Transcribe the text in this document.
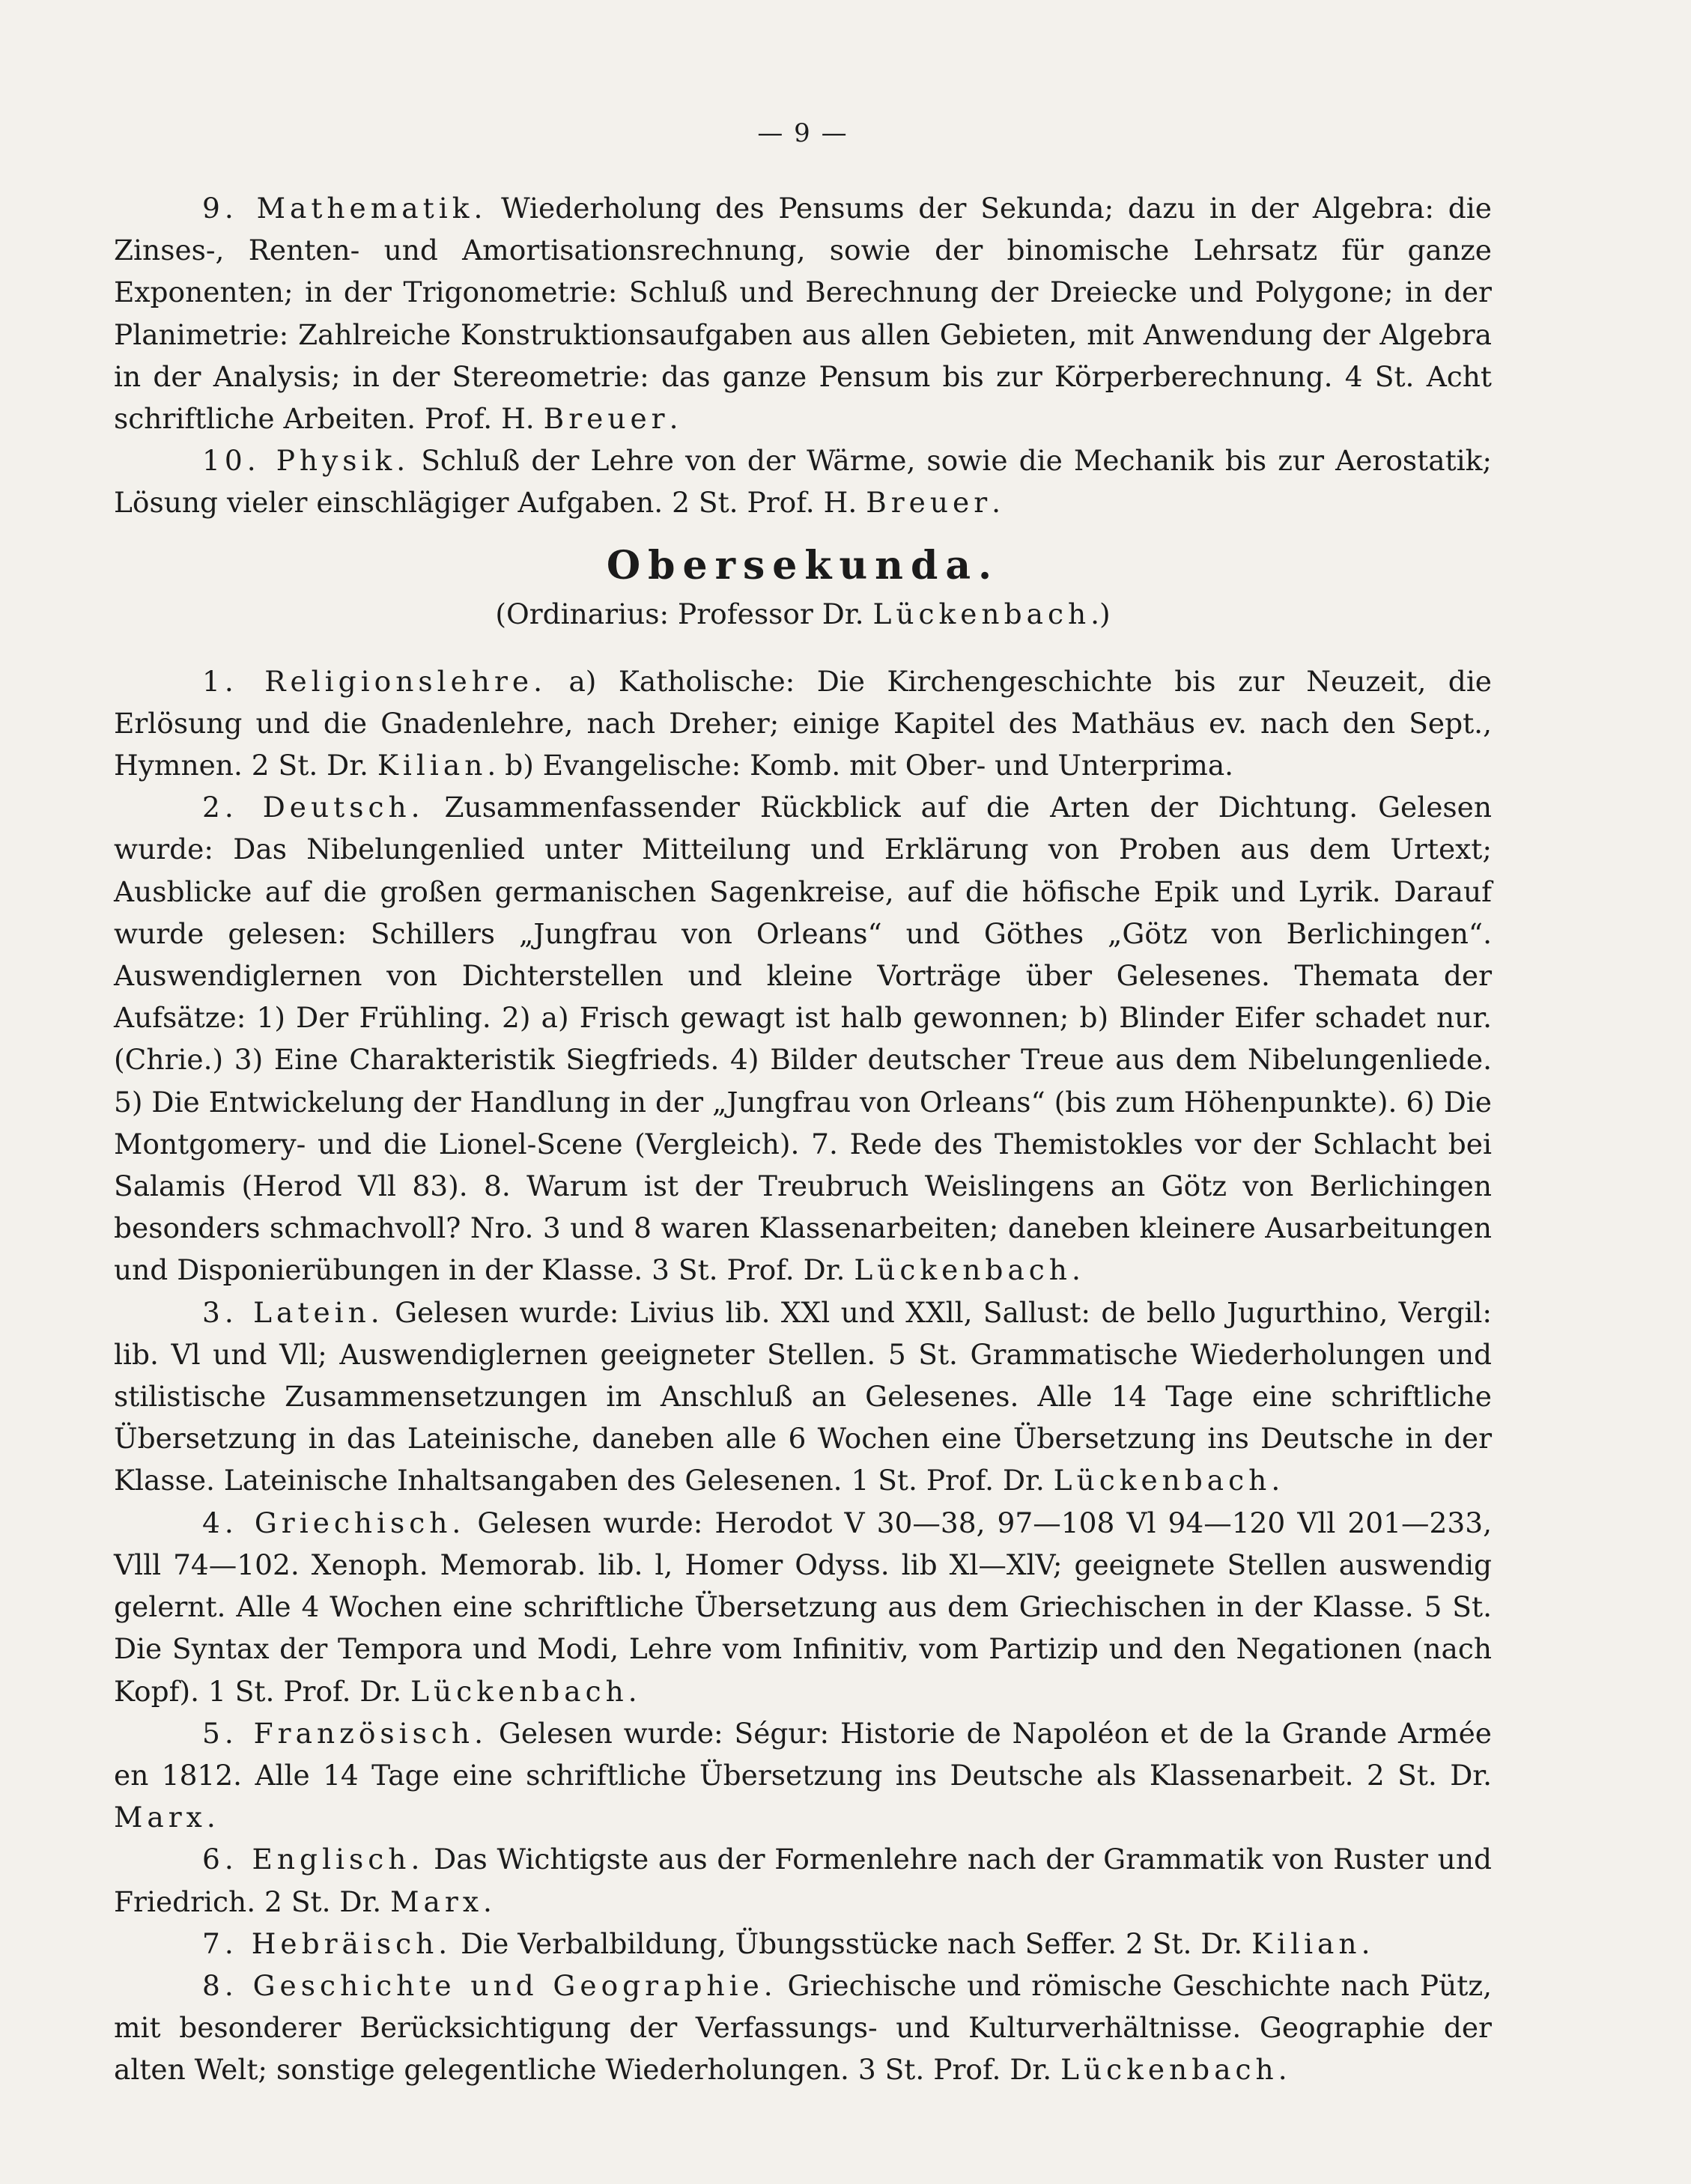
— 9 —

9. Mathematik. Wiederholung des Pensums der Sekunda; dazu in der Algebra: die Zinses-, Renten- und Amortisationsrechnung, sowie der binomische Lehrsatz für ganze Exponenten; in der Trigonometrie: Schluß und Berechnung der Dreiecke und Polygone; in der Planimetrie: Zahlreiche Konstruktionsaufgaben aus allen Gebieten, mit Anwendung der Algebra in der Analysis; in der Stereometrie: das ganze Pensum bis zur Körperberechnung. 4 St. Acht schriftliche Arbeiten. Prof. H. Breuer.

10. Physik. Schluß der Lehre von der Wärme, sowie die Mechanik bis zur Aerostatik; Lösung vieler einschlägiger Aufgaben. 2 St. Prof. H. Breuer.

Obersekunda.
(Ordinarius: Professor Dr. Lückenbach.)

1. Religionslehre. a) Katholische: Die Kirchengeschichte bis zur Neuzeit, die Erlösung und die Gnadenlehre, nach Dreher; einige Kapitel des Mathäus ev. nach den Sept., Hymnen. 2 St. Dr. Kilian. b) Evangelische: Komb. mit Ober- und Unterprima.

2. Deutsch. Zusammenfassender Rückblick auf die Arten der Dichtung. Gelesen wurde: Das Nibelungenlied unter Mitteilung und Erklärung von Proben aus dem Urtext; Ausblicke auf die großen germanischen Sagenkreise, auf die höfische Epik und Lyrik. Darauf wurde gelesen: Schillers „Jungfrau von Orleans“ und Göthes „Götz von Berlichingen“. Auswendiglernen von Dichterstellen und kleine Vorträge über Gelesenes. Themata der Aufsätze: 1) Der Frühling. 2) a) Frisch gewagt ist halb gewonnen; b) Blinder Eifer schadet nur. (Chrie.) 3) Eine Charakteristik Siegfrieds. 4) Bilder deutscher Treue aus dem Nibelungenliede. 5) Die Entwickelung der Handlung in der „Jungfrau von Orleans“ (bis zum Höhenpunkte). 6) Die Montgomery- und die Lionel-Scene (Vergleich). 7. Rede des Themistokles vor der Schlacht bei Salamis (Herod Vll 83). 8. Warum ist der Treubruch Weislingens an Götz von Berlichingen besonders schmachvoll? Nro. 3 und 8 waren Klassenarbeiten; daneben kleinere Ausarbeitungen und Disponierübungen in der Klasse. 3 St. Prof. Dr. Lückenbach.

3. Latein. Gelesen wurde: Livius lib. XXl und XXll, Sallust: de bello Jugurthino, Vergil: lib. Vl und Vll; Auswendiglernen geeigneter Stellen. 5 St. Grammatische Wiederholungen und stilistische Zusammensetzungen im Anschluß an Gelesenes. Alle 14 Tage eine schriftliche Übersetzung in das Lateinische, daneben alle 6 Wochen eine Übersetzung ins Deutsche in der Klasse. Lateinische Inhaltsangaben des Gelesenen. 1 St. Prof. Dr. Lückenbach.

4. Griechisch. Gelesen wurde: Herodot V 30—38, 97—108 Vl 94—120 Vll 201—233, Vlll 74—102. Xenoph. Memorab. lib. l, Homer Odyss. lib Xl—XlV; geeignete Stellen auswendig gelernt. Alle 4 Wochen eine schriftliche Übersetzung aus dem Griechischen in der Klasse. 5 St. Die Syntax der Tempora und Modi, Lehre vom Infinitiv, vom Partizip und den Negationen (nach Kopf). 1 St. Prof. Dr. Lückenbach.

5. Französisch. Gelesen wurde: Ségur: Historie de Napoléon et de la Grande Armée en 1812. Alle 14 Tage eine schriftliche Übersetzung ins Deutsche als Klassenarbeit. 2 St. Dr. Marx.

6. Englisch. Das Wichtigste aus der Formenlehre nach der Grammatik von Ruster und Friedrich. 2 St. Dr. Marx.

7. Hebräisch. Die Verbalbildung, Übungsstücke nach Seffer. 2 St. Dr. Kilian.

8. Geschichte und Geographie. Griechische und römische Geschichte nach Pütz, mit besonderer Berücksichtigung der Verfassungs- und Kulturverhältnisse. Geographie der alten Welt; sonstige gelegentliche Wiederholungen. 3 St. Prof. Dr. Lückenbach.
